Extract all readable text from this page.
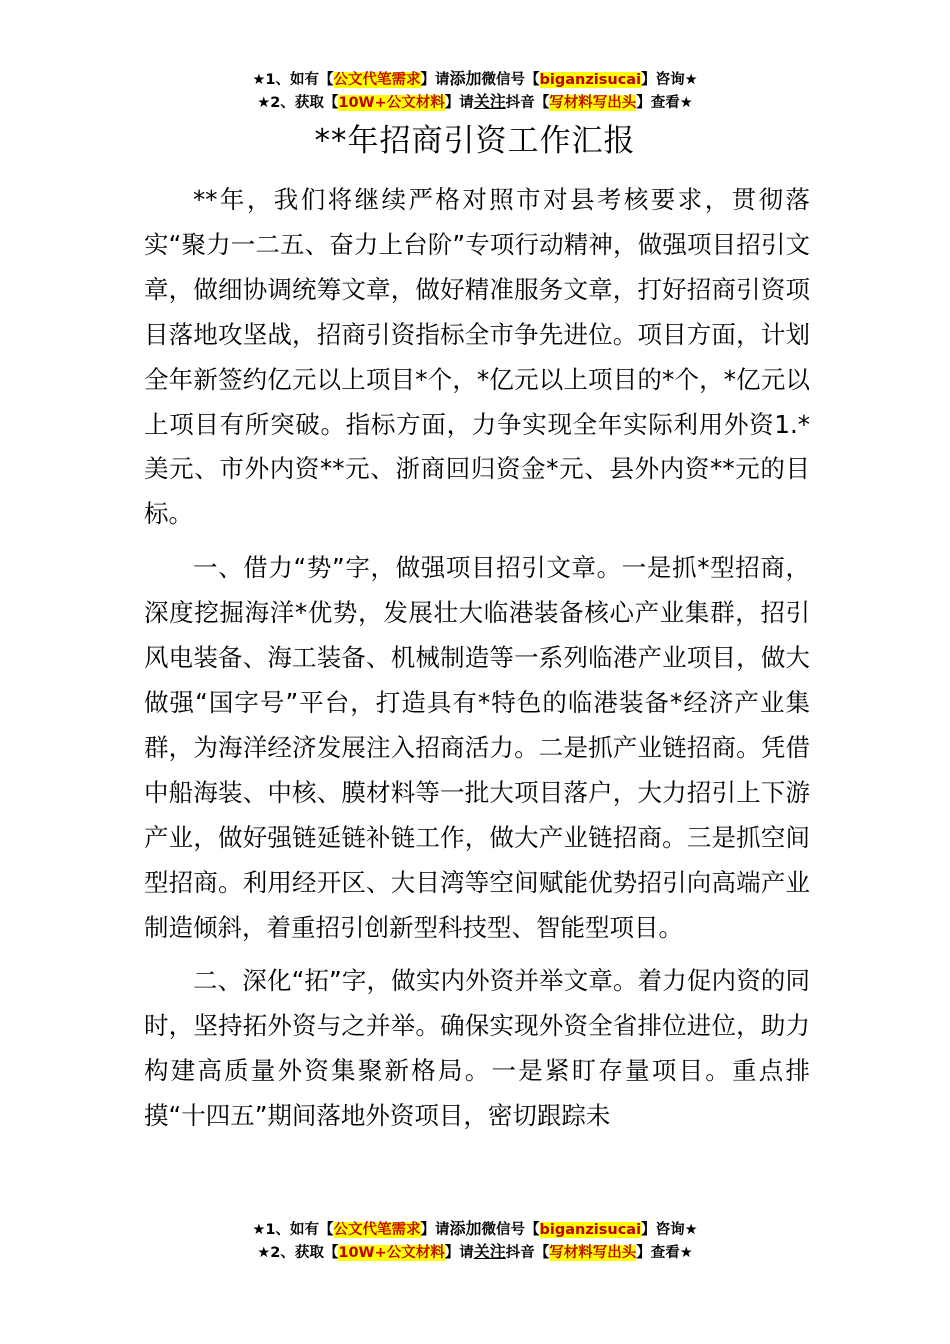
★1、如有【公文代笔需求】请添加微信号【biganzisucai】咨询★
★2、获取【10W+公文材料】请关注抖音【写材料写出头】查看★
**年招商引资工作汇报

**年，我们将继续严格对照市对县考核要求，贯彻落实“聚力一二五、奋力上台阶”专项行动精神，做强项目招引文章，做细协调统筹文章，做好精准服务文章，打好招商引资项目落地攻坚战，招商引资指标全市争先进位。项目方面，计划全年新签约亿元以上项目*个，*亿元以上项目的*个，*亿元以上项目有所突破。指标方面，力争实现全年实际利用外资1.*美元、市外内资**元、浙商回归资金*元、县外内资**元的目标。

一、借力“势”字，做强项目招引文章。一是抓*型招商，深度挖掘海洋*优势，发展壮大临港装备核心产业集群，招引风电装备、海工装备、机械制造等一系列临港产业项目，做大做强“国字号”平台，打造具有*特色的临港装备*经济产业集群，为海洋经济发展注入招商活力。二是抓产业链招商。凭借中船海装、中核、膜材料等一批大项目落户，大力招引上下游产业，做好强链延链补链工作，做大产业链招商。三是抓空间型招商。利用经开区、大目湾等空间赋能优势招引向高端产业制造倾斜，着重招引创新型科技型、智能型项目。

二、深化“拓”字，做实内外资并举文章。着力促内资的同时，坚持拓外资与之并举。确保实现外资全省排位进位，助力构建高质量外资集聚新格局。一是紧盯存量项目。重点排摸“十四五”期间落地外资项目，密切跟踪未

★1、如有【公文代笔需求】请添加微信号【biganzisucai】咨询★
★2、获取【10W+公文材料】请关注抖音【写材料写出头】查看★
